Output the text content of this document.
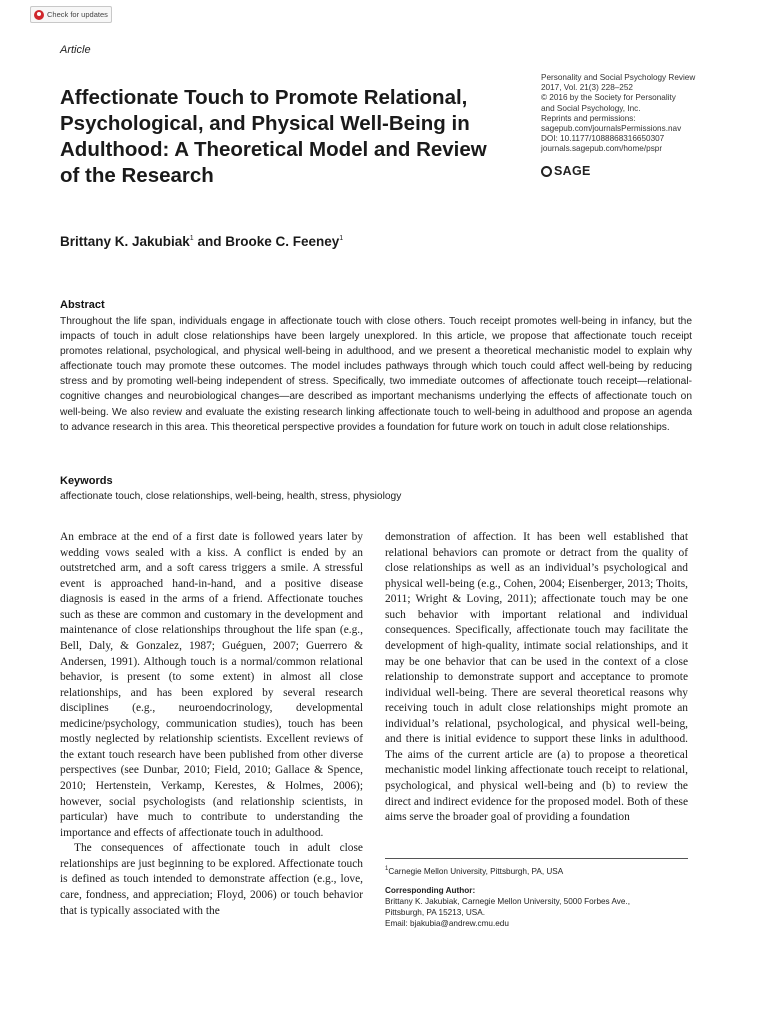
Check for updates
Article
Affectionate Touch to Promote Relational, Psychological, and Physical Well-Being in Adulthood: A Theoretical Model and Review of the Research
Personality and Social Psychology Review
2017, Vol. 21(3) 228–252
© 2016 by the Society for Personality
and Social Psychology, Inc.
Reprints and permissions:
sagepub.com/journalsPermissions.nav
DOI: 10.1177/1088868316650307
journals.sagepub.com/home/pspr
SAGE
Brittany K. Jakubiak$^1$ and Brooke C. Feeney$^1$
Abstract
Throughout the life span, individuals engage in affectionate touch with close others. Touch receipt promotes well-being in infancy, but the impacts of touch in adult close relationships have been largely unexplored. In this article, we propose that affectionate touch receipt promotes relational, psychological, and physical well-being in adulthood, and we present a theoretical mechanistic model to explain why affectionate touch may promote these outcomes. The model includes pathways through which touch could affect well-being by reducing stress and by promoting well-being independent of stress. Specifically, two immediate outcomes of affectionate touch receipt—relational-cognitive changes and neurobiological changes—are described as important mechanisms underlying the effects of affectionate touch on well-being. We also review and evaluate the existing research linking affectionate touch to well-being in adulthood and propose an agenda to advance research in this area. This theoretical perspective provides a foundation for future work on touch in adult close relationships.
Keywords
affectionate touch, close relationships, well-being, health, stress, physiology

An embrace at the end of a first date is followed years later by wedding vows sealed with a kiss. A conflict is ended by an outstretched arm, and a soft caress triggers a smile. A stressful event is approached hand-in-hand, and a positive disease diagnosis is eased in the arms of a friend. Affectionate touches such as these are common and customary in the development and maintenance of close relationships throughout the life span (e.g., Bell, Daly, & Gonzalez, 1987; Guéguen, 2007; Guerrero & Andersen, 1991). Although touch is a normal/common relational behavior, is present (to some extent) in almost all close relationships, and has been explored by several research disciplines (e.g., neuroendocrinology, developmental medicine/psychology, communication studies), touch has been mostly neglected by relationship scientists. Excellent reviews of the extant touch research have been published from other diverse perspectives (see Dunbar, 2010; Field, 2010; Gallace & Spence, 2010; Hertenstein, Verkamp, Kerestes, & Holmes, 2006); however, social psychologists (and relationship scientists, in particular) have much to contribute to understanding the importance and effects of affectionate touch in adulthood.

The consequences of affectionate touch in adult close relationships are just beginning to be explored. Affectionate touch is defined as touch intended to demonstrate affection (e.g., love, care, fondness, and appreciation; Floyd, 2006) or touch behavior that is typically associated with the

demonstration of affection. It has been well established that relational behaviors can promote or detract from the quality of close relationships as well as an individual’s psychological and physical well-being (e.g., Cohen, 2004; Eisenberger, 2013; Thoits, 2011; Wright & Loving, 2011); affectionate touch may be one such behavior with important relational and individual consequences. Specifically, affectionate touch may facilitate the development of high-quality, intimate social relationships, and it may be one behavior that can be used in the context of a close relationship to demonstrate support and acceptance to promote individual well-being. There are several theoretical reasons why receiving touch in adult close relationships might promote an individual’s relational, psychological, and physical well-being, and there is initial evidence to support these links in adulthood. The aims of the current article are (a) to propose a theoretical mechanistic model linking affectionate touch receipt to relational, psychological, and physical well-being and (b) to review the direct and indirect evidence for the proposed model. Both of these aims serve the broader goal of providing a foundation

$^1$Carnegie Mellon University, Pittsburgh, PA, USA
Corresponding Author:
Brittany K. Jakubiak, Carnegie Mellon University, 5000 Forbes Ave.,
Pittsburgh, PA 15213, USA.
Email: bjakubia@andrew.cmu.edu
